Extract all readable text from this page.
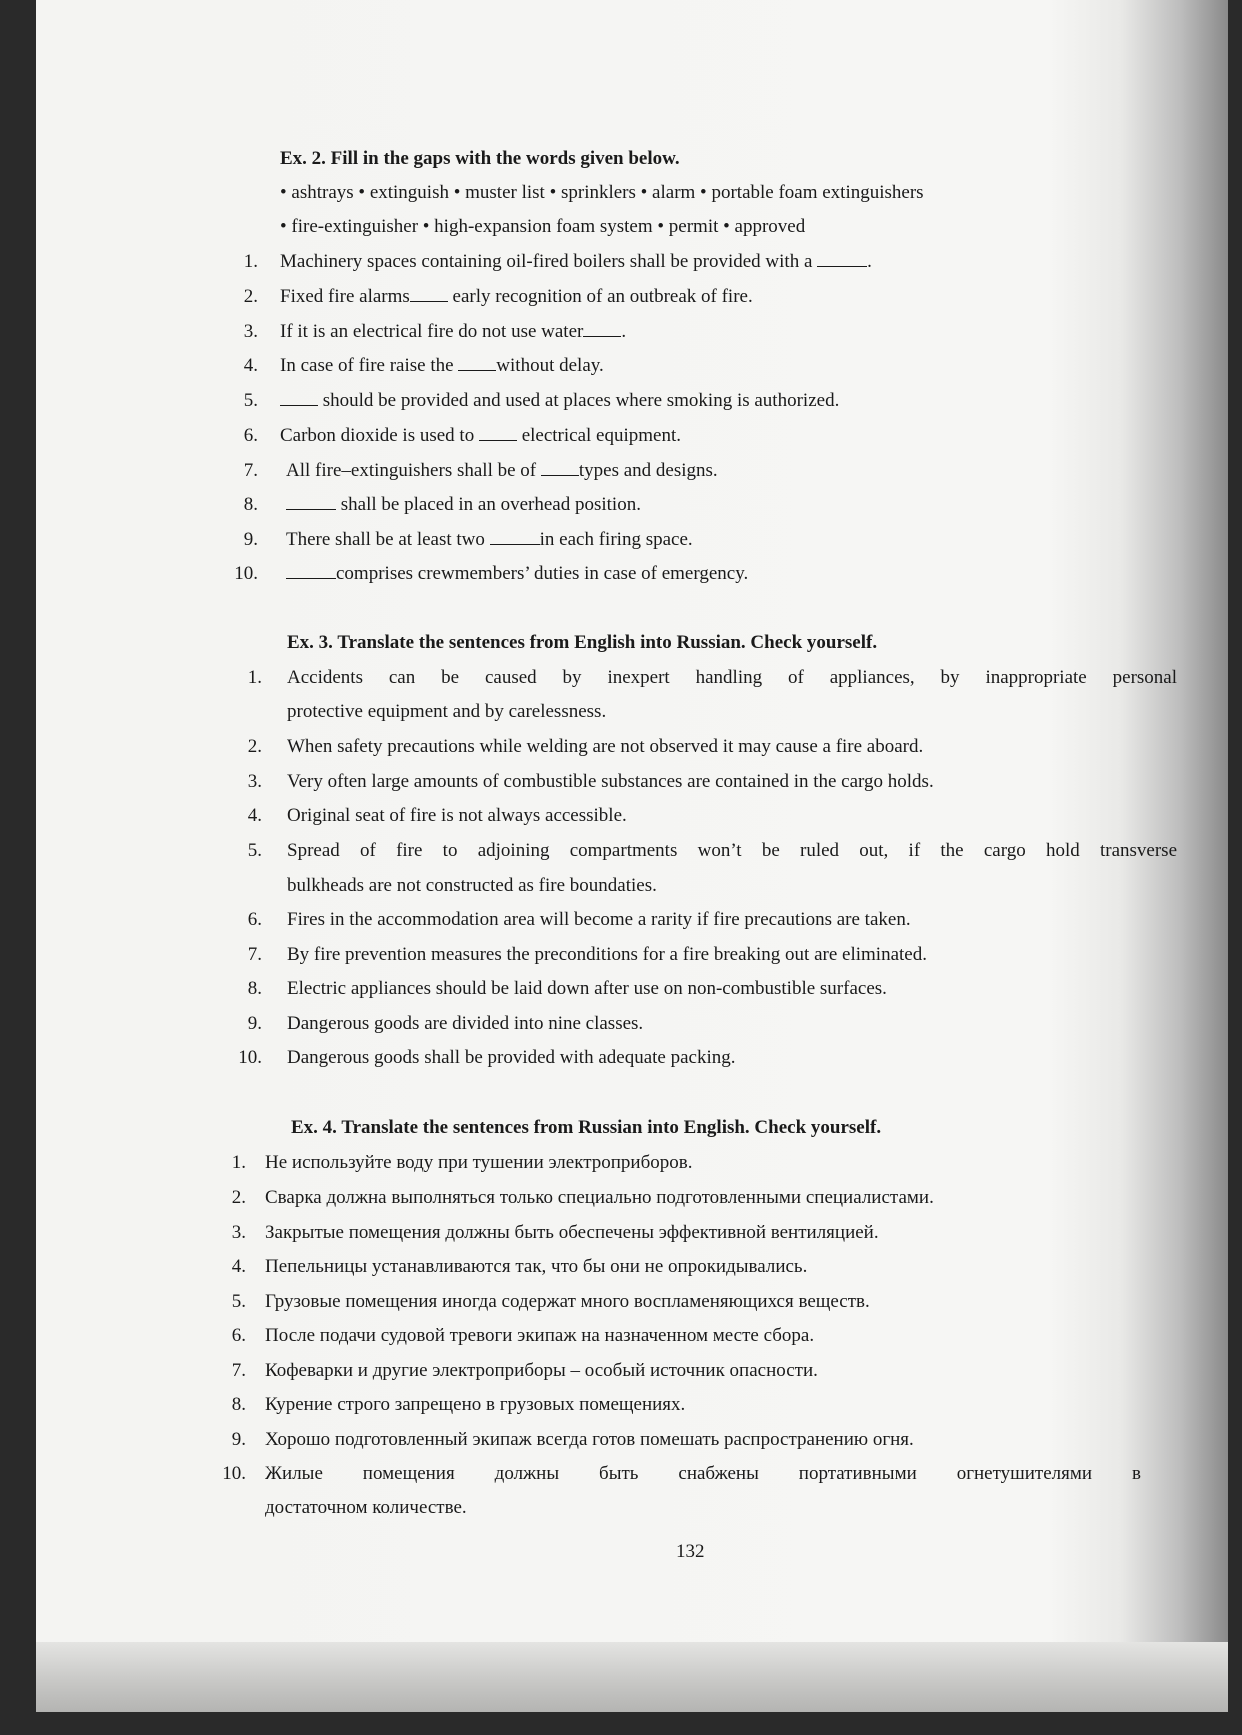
Ex. 2. Fill in the gaps with the words given below.
• ashtrays • extinguish • muster list • sprinklers • alarm • portable foam extinguishers
• fire-extinguisher • high-expansion foam system • permit • approved
1. Machinery spaces containing oil-fired boilers shall be provided with a	.
2. Fixed fire alarms early recognition of an outbreak of fire.
3. If it is an electrical fire do not use water .
4. In case of fire raise the without delay.
5.	should be provided and used at places where smoking is authorized.
6. Carbon dioxide is used to  electrical equipment.
7. All fire–extinguishers shall be of types and designs.
8.	shall be placed in an overhead position.
9. There shall be at least two	in each firing space.
10.	comprises crewmembers’ duties in case of emergency.
Ex. 3. Translate the sentences from English into Russian. Check yourself.
1. Accidents can be caused by inexpert handling of appliances, by inappropriate personal
protective equipment and by carelessness.
2. When safety precautions while welding are not observed it may cause a fire aboard.
3. Very often large amounts of combustible substances are contained in the cargo holds.
4. Original seat of fire is not always accessible.
5. Spread of fire to adjoining compartments won’t be ruled out, if the cargo hold transverse
bulkheads are not constructed as fire boundaties.
6. Fires in the accommodation area will become a rarity if fire precautions are taken.
7. By fire prevention measures the preconditions for a fire breaking out are eliminated.
8. Electric appliances should be laid down after use on non-combustible surfaces.
9. Dangerous goods are divided into nine classes.
10. Dangerous goods shall be provided with adequate packing.
Ex. 4. Translate the sentences from Russian into English. Check yourself.
1. Не используйте воду при тушении электроприборов.
2. Сварка должна выполняться только специально подготовленными специалистами.
3. Закрытые помещения должны быть обеспечены эффективной вентиляцией.
4. Пепельницы устанавливаются так, что бы они не опрокидывались.
5. Грузовые помещения иногда содержат много воспламеняющихся веществ.
6. После подачи судовой тревоги экипаж на назначенном месте сбора.
7. Кофеварки и другие электроприборы – особый источник опасности.
8. Курение строго запрещено в грузовых помещениях.
9. Хорошо подготовленный экипаж всегда готов помешать распространению огня.
10. Жилые помещения должны быть снабжены портативными огнетушителями в
достаточном количестве.
132
